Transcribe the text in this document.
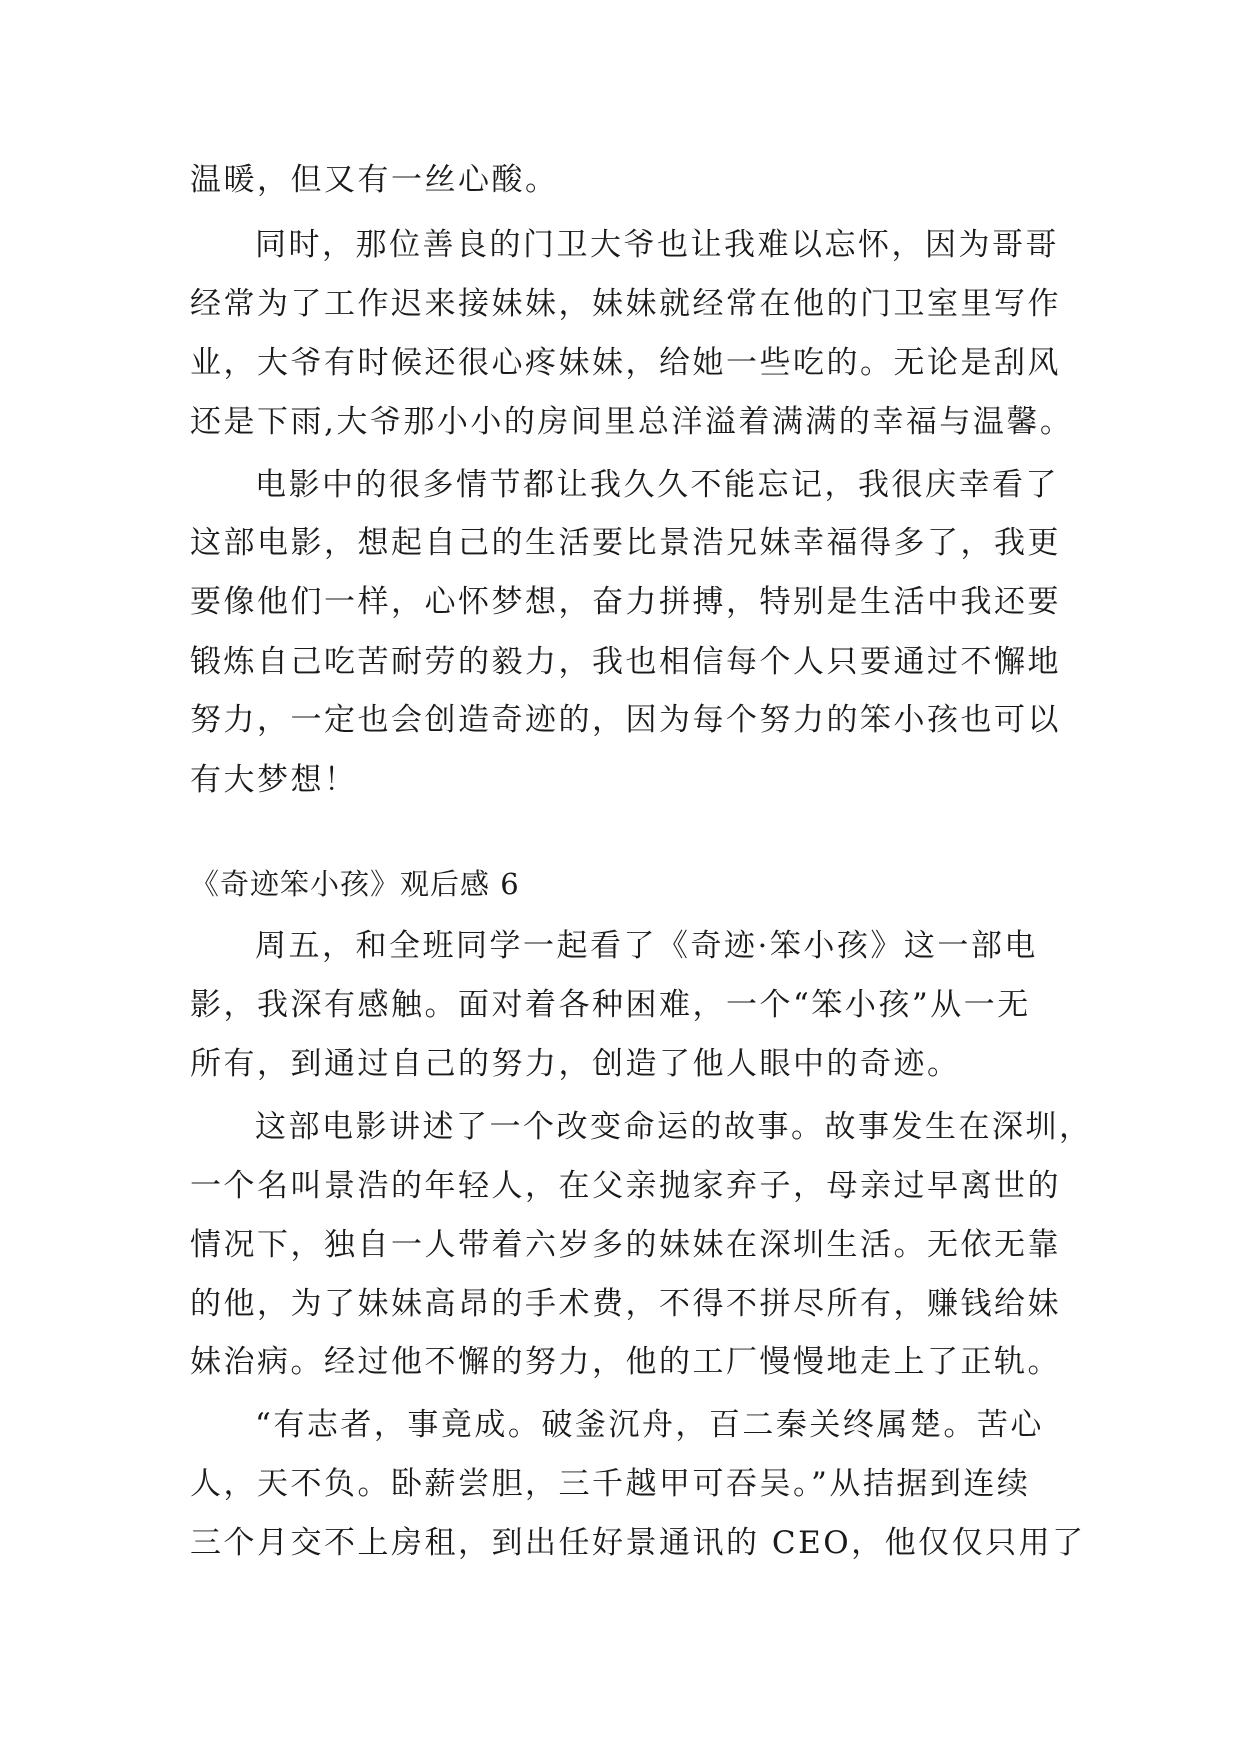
温暖，但又有一丝心酸。
同时，那位善良的门卫大爷也让我难以忘怀，因为哥哥
经常为了工作迟来接妹妹，妹妹就经常在他的门卫室里写作
业，大爷有时候还很心疼妹妹，给她一些吃的。无论是刮风
还是下雨,大爷那小小的房间里总洋溢着满满的幸福与温馨。
电影中的很多情节都让我久久不能忘记，我很庆幸看了
这部电影，想起自己的生活要比景浩兄妹幸福得多了，我更
要像他们一样，心怀梦想，奋力拼搏，特别是生活中我还要
锻炼自己吃苦耐劳的毅力，我也相信每个人只要通过不懈地
努力，一定也会创造奇迹的，因为每个努力的笨小孩也可以
有大梦想！
《奇迹笨小孩》观后感 6
周五，和全班同学一起看了《奇迹·笨小孩》这一部电
影，我深有感触。面对着各种困难，一个“笨小孩”从一无
所有，到通过自己的努力，创造了他人眼中的奇迹。
这部电影讲述了一个改变命运的故事。故事发生在深圳，
一个名叫景浩的年轻人，在父亲抛家弃子，母亲过早离世的
情况下，独自一人带着六岁多的妹妹在深圳生活。无依无靠
的他，为了妹妹高昂的手术费，不得不拼尽所有，赚钱给妹
妹治病。经过他不懈的努力，他的工厂慢慢地走上了正轨。
“有志者，事竟成。破釜沉舟，百二秦关终属楚。苦心
人，天不负。卧薪尝胆，三千越甲可吞吴。”从拮据到连续
三个月交不上房租，到出任好景通讯的 CEO，他仅仅只用了
